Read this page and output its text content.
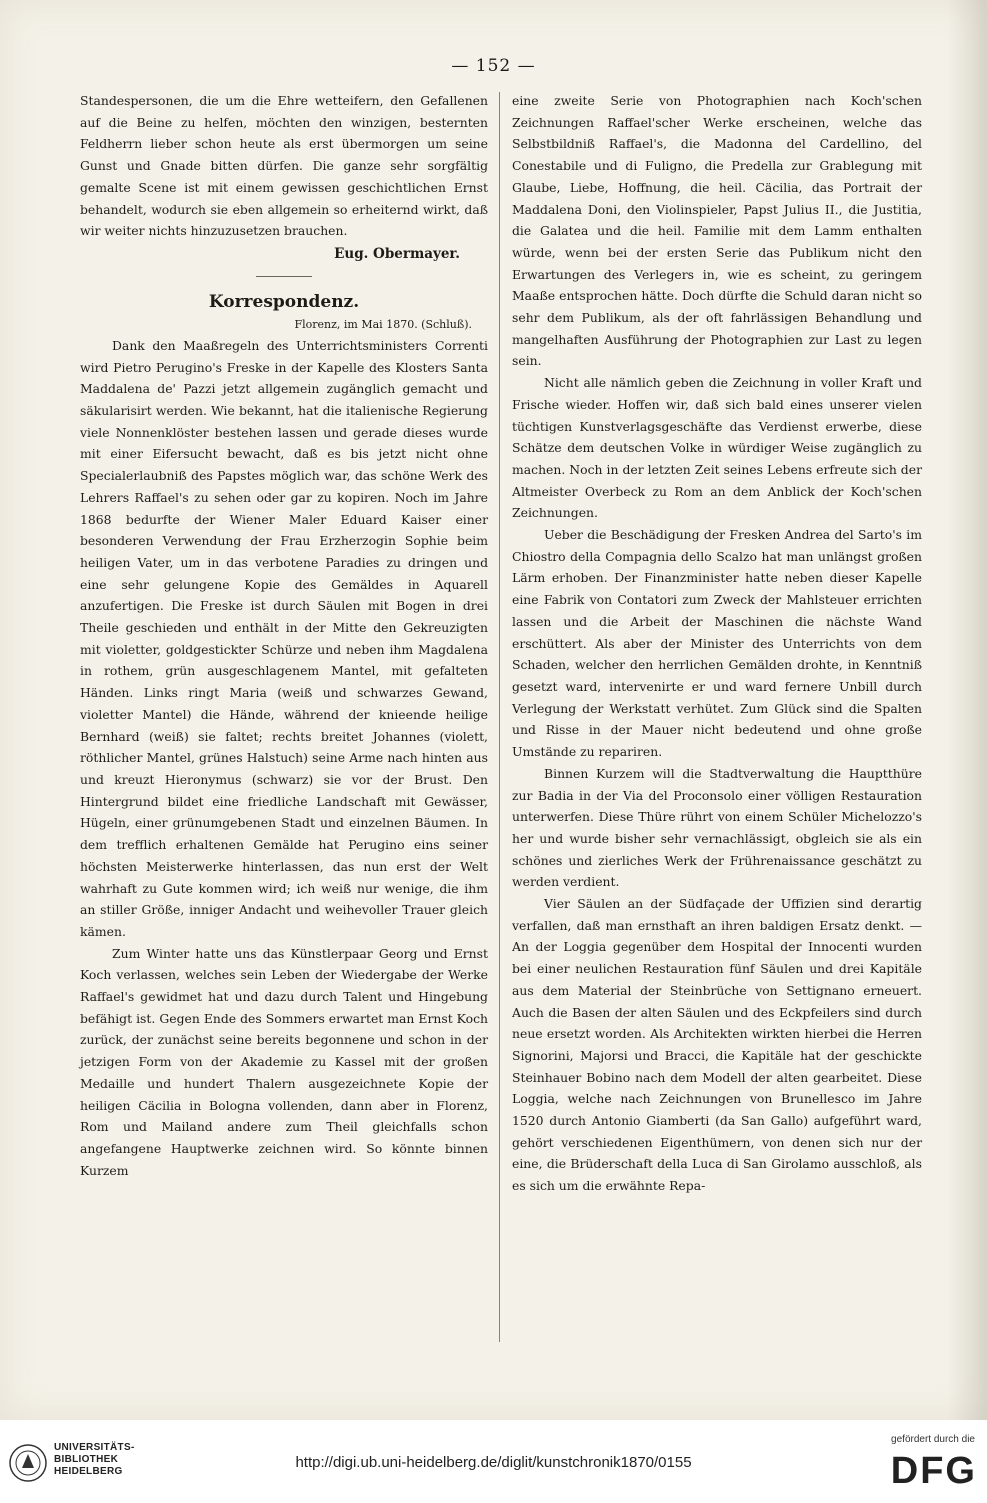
— 152 —

Standespersonen, die um die Ehre wetteifern, den Gefallenen auf die Beine zu helfen, möchten den winzigen, besternten Feldherrn lieber schon heute als erst übermorgen um seine Gunst und Gnade bitten dürfen. Die ganze sehr sorgfältig gemalte Scene ist mit einem gewissen geschichtlichen Ernst behandelt, wodurch sie eben allgemein so erheiternd wirkt, daß wir weiter nichts hinzuzusetzen brauchen.

Eug. Obermayer.

Korrespondenz.

Florenz, im Mai 1870. (Schluß).

Dank den Maaßregeln des Unterrichtsministers Correnti wird Pietro Perugino's Freske in der Kapelle des Klosters Santa Maddalena de' Pazzi jetzt allgemein zugänglich gemacht und säkularisirt werden. Wie bekannt, hat die italienische Regierung viele Nonnenklöster bestehen lassen und gerade dieses wurde mit einer Eifersucht bewacht, daß es bis jetzt nicht ohne Specialerlaubniß des Papstes möglich war, das schöne Werk des Lehrers Raffael's zu sehen oder gar zu kopiren. Noch im Jahre 1868 bedurfte der Wiener Maler Eduard Kaiser einer besonderen Verwendung der Frau Erzherzogin Sophie beim heiligen Vater, um in das verbotene Paradies zu dringen und eine sehr gelungene Kopie des Gemäldes in Aquarell anzufertigen. Die Freske ist durch Säulen mit Bogen in drei Theile geschieden und enthält in der Mitte den Gekreuzigten mit violetter, goldgestickter Schürze und neben ihm Magdalena in rothem, grün ausgeschlagenem Mantel, mit gefalteten Händen. Links ringt Maria (weiß und schwarzes Gewand, violetter Mantel) die Hände, während der knieende heilige Bernhard (weiß) sie faltet; rechts breitet Johannes (violett, röthlicher Mantel, grünes Halstuch) seine Arme nach hinten aus und kreuzt Hieronymus (schwarz) sie vor der Brust. Den Hintergrund bildet eine friedliche Landschaft mit Gewässer, Hügeln, einer grünumgebenen Stadt und einzelnen Bäumen. In dem trefflich erhaltenen Gemälde hat Perugino eins seiner höchsten Meisterwerke hinterlassen, das nun erst der Welt wahrhaft zu Gute kommen wird; ich weiß nur wenige, die ihm an stiller Größe, inniger Andacht und weihevoller Trauer gleich kämen.

Zum Winter hatte uns das Künstlerpaar Georg und Ernst Koch verlassen, welches sein Leben der Wiedergabe der Werke Raffael's gewidmet hat und dazu durch Talent und Hingebung befähigt ist. Gegen Ende des Sommers erwartet man Ernst Koch zurück, der zunächst seine bereits begonnene und schon in der jetzigen Form von der Akademie zu Kassel mit der großen Medaille und hundert Thalern ausgezeichnete Kopie der heiligen Cäcilia in Bologna vollenden, dann aber in Florenz, Rom und Mailand andere zum Theil gleichfalls schon angefangene Hauptwerke zeichnen wird. So könnte binnen Kurzem

eine zweite Serie von Photographien nach Koch'schen Zeichnungen Raffael'scher Werke erscheinen, welche das Selbstbildniß Raffael's, die Madonna del Cardellino, del Conestabile und di Fuligno, die Predella zur Grablegung mit Glaube, Liebe, Hoffnung, die heil. Cäcilia, das Portrait der Maddalena Doni, den Violinspieler, Papst Julius II., die Justitia, die Galatea und die heil. Familie mit dem Lamm enthalten würde, wenn bei der ersten Serie das Publikum nicht den Erwartungen des Verlegers in, wie es scheint, zu geringem Maaße entsprochen hätte. Doch dürfte die Schuld daran nicht so sehr dem Publikum, als der oft fahrlässigen Behandlung und mangelhaften Ausführung der Photographien zur Last zu legen sein.

Nicht alle nämlich geben die Zeichnung in voller Kraft und Frische wieder. Hoffen wir, daß sich bald eines unserer vielen tüchtigen Kunstverlagsgeschäfte das Verdienst erwerbe, diese Schätze dem deutschen Volke in würdiger Weise zugänglich zu machen. Noch in der letzten Zeit seines Lebens erfreute sich der Altmeister Overbeck zu Rom an dem Anblick der Koch'schen Zeichnungen.

Ueber die Beschädigung der Fresken Andrea del Sarto's im Chiostro della Compagnia dello Scalzo hat man unlängst großen Lärm erhoben. Der Finanzminister hatte neben dieser Kapelle eine Fabrik von Contatori zum Zweck der Mahlsteuer errichten lassen und die Arbeit der Maschinen die nächste Wand erschüttert. Als aber der Minister des Unterrichts von dem Schaden, welcher den herrlichen Gemälden drohte, in Kenntniß gesetzt ward, intervenirte er und ward fernere Unbill durch Verlegung der Werkstatt verhütet. Zum Glück sind die Spalten und Risse in der Mauer nicht bedeutend und ohne große Umstände zu repariren.

Binnen Kurzem will die Stadtverwaltung die Hauptthüre zur Badia in der Via del Proconsolo einer völligen Restauration unterwerfen. Diese Thüre rührt von einem Schüler Michelozzo's her und wurde bisher sehr vernachlässigt, obgleich sie als ein schönes und zierliches Werk der Frührenaissance geschätzt zu werden verdient.

Vier Säulen an der Südfaçade der Uffizien sind derartig verfallen, daß man ernsthaft an ihren baldigen Ersatz denkt. — An der Loggia gegenüber dem Hospital der Innocenti wurden bei einer neulichen Restauration fünf Säulen und drei Kapitäle aus dem Material der Steinbrüche von Settignano erneuert. Auch die Basen der alten Säulen und des Eckpfeilers sind durch neue ersetzt worden. Als Architekten wirkten hierbei die Herren Signorini, Majorsi und Bracci, die Kapitäle hat der geschickte Steinhauer Bobino nach dem Modell der alten gearbeitet. Diese Loggia, welche nach Zeichnungen von Brunellesco im Jahre 1520 durch Antonio Giamberti (da San Gallo) aufgeführt ward, gehört verschiedenen Eigenthümern, von denen sich nur der eine, die Brüderschaft della Luca di San Girolamo ausschloß, als es sich um die erwähnte Repa-

UNIVERSITÄTS-
BIBLIOTHEK
HEIDELBERG
http://digi.ub.uni-heidelberg.de/diglit/kunstchronik1870/0155
gefördert durch die
DFG
